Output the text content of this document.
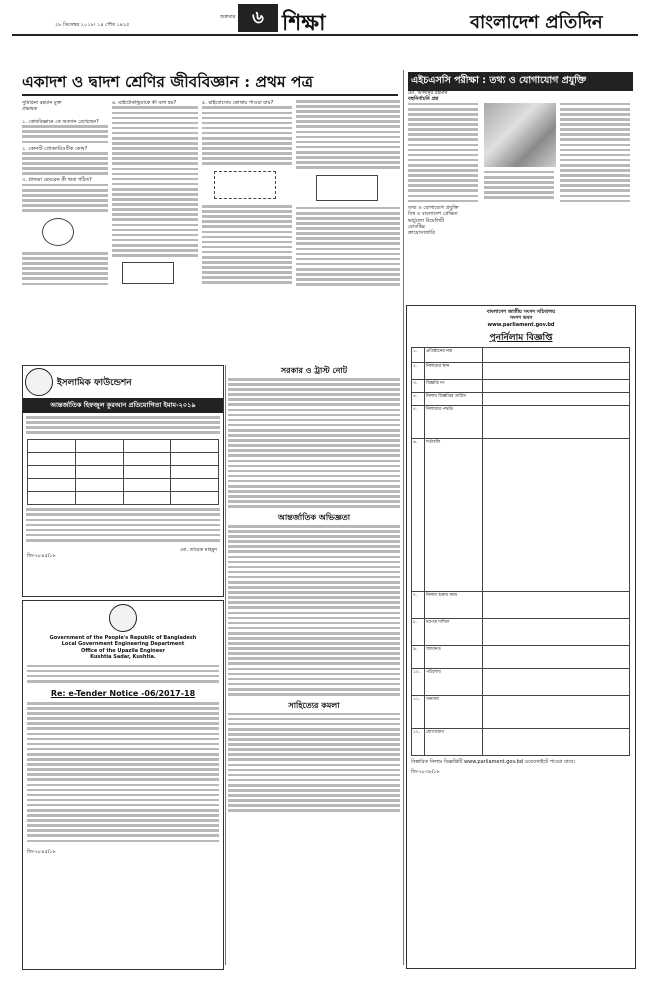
২৮ ডিসেম্বর ২০১৮। ১৪ পৌষ ১৪২৫
শুক্রবার ৬ শিক্ষা	বাংলাদেশ প্রতিদিন
একাদশ ও দ্বাদশ শ্রেণির জীববিজ্ঞান : প্রথম পত্র	এইচএসসি পরীক্ষা : তথ্য ও যোগাযোগ প্রযুক্তি
সুমিরিনা রহমান মুক্ত
প্রভাষক
১. কোষবিজ্ঞানে কে অবদান রেখেছেন?
২. কোনটি প্রোক্যারিওটিক কোষ?
৩. প্লাজমা মেমব্রেন কী দ্বারা গঠিত?
৪. মাইটোকন্ড্রিয়াকে কী বলা হয়?	৫. রাইবোসোম কোথায় পাওয়া যায়?
মো. মিজানুর রহমান
বহুনির্বাচনি প্রশ্ন
তথ্য ও যোগাযোগ প্রযুক্তি
বিশ্ব ও বাংলাদেশ প্রেক্ষিত
ভার্চুয়াল রিয়েলিটি
রোবটিক্স
ক্রায়োসার্জারি
ইসলামিক ফাউন্ডেশন
আন্তর্জাতিক হিফজুল কুরআন প্রতিযোগিতা ইমাম-২০১৯

মো. তারেক মাহমুদ
জি-২৮৪৫/১৮
Government of the People's Republic of Bangladesh
Local Government Engineering Department
Office of the Upazila Engineer
Kushtia Sadar, Kushtia.
Re: e-Tender Notice -06/2017-18
জি-২৮৪৫/১৮
সরকার ও ট্রাস্ট নোট
আন্তর্জাতিক অভিজ্ঞতা
সাহিত্যের কমলা
বাংলাদেশ জাতীয় সংসদ সচিবালয়
সংসদ ভবন
www.parliament.gov.bd
পুনর্নিলাম বিজ্ঞপ্তি
১.	প্রতিষ্ঠানের নাম	
২.	নিলামের স্থান	
৩.	বিজ্ঞপ্তি নং	
৪.	নিলাম বিজ্ঞপ্তির তারিখ	
৫.	নিলামের পদ্ধতি	
৬.	শর্তাবলি	
৭.	নিলাম শুরুর সময়	
৮.	দরপত্র দাখিল	
৯.	জামানত	
১০.	পরিশোধ	
১১.	অন্যান্য	
১২.	যোগাযোগ	
বিস্তারিত নিলাম বিজ্ঞপ্তিটি www.parliament.gov.bd ওয়েবসাইটে পাওয়া যাবে।
জি-২৮৩৮/১৮
